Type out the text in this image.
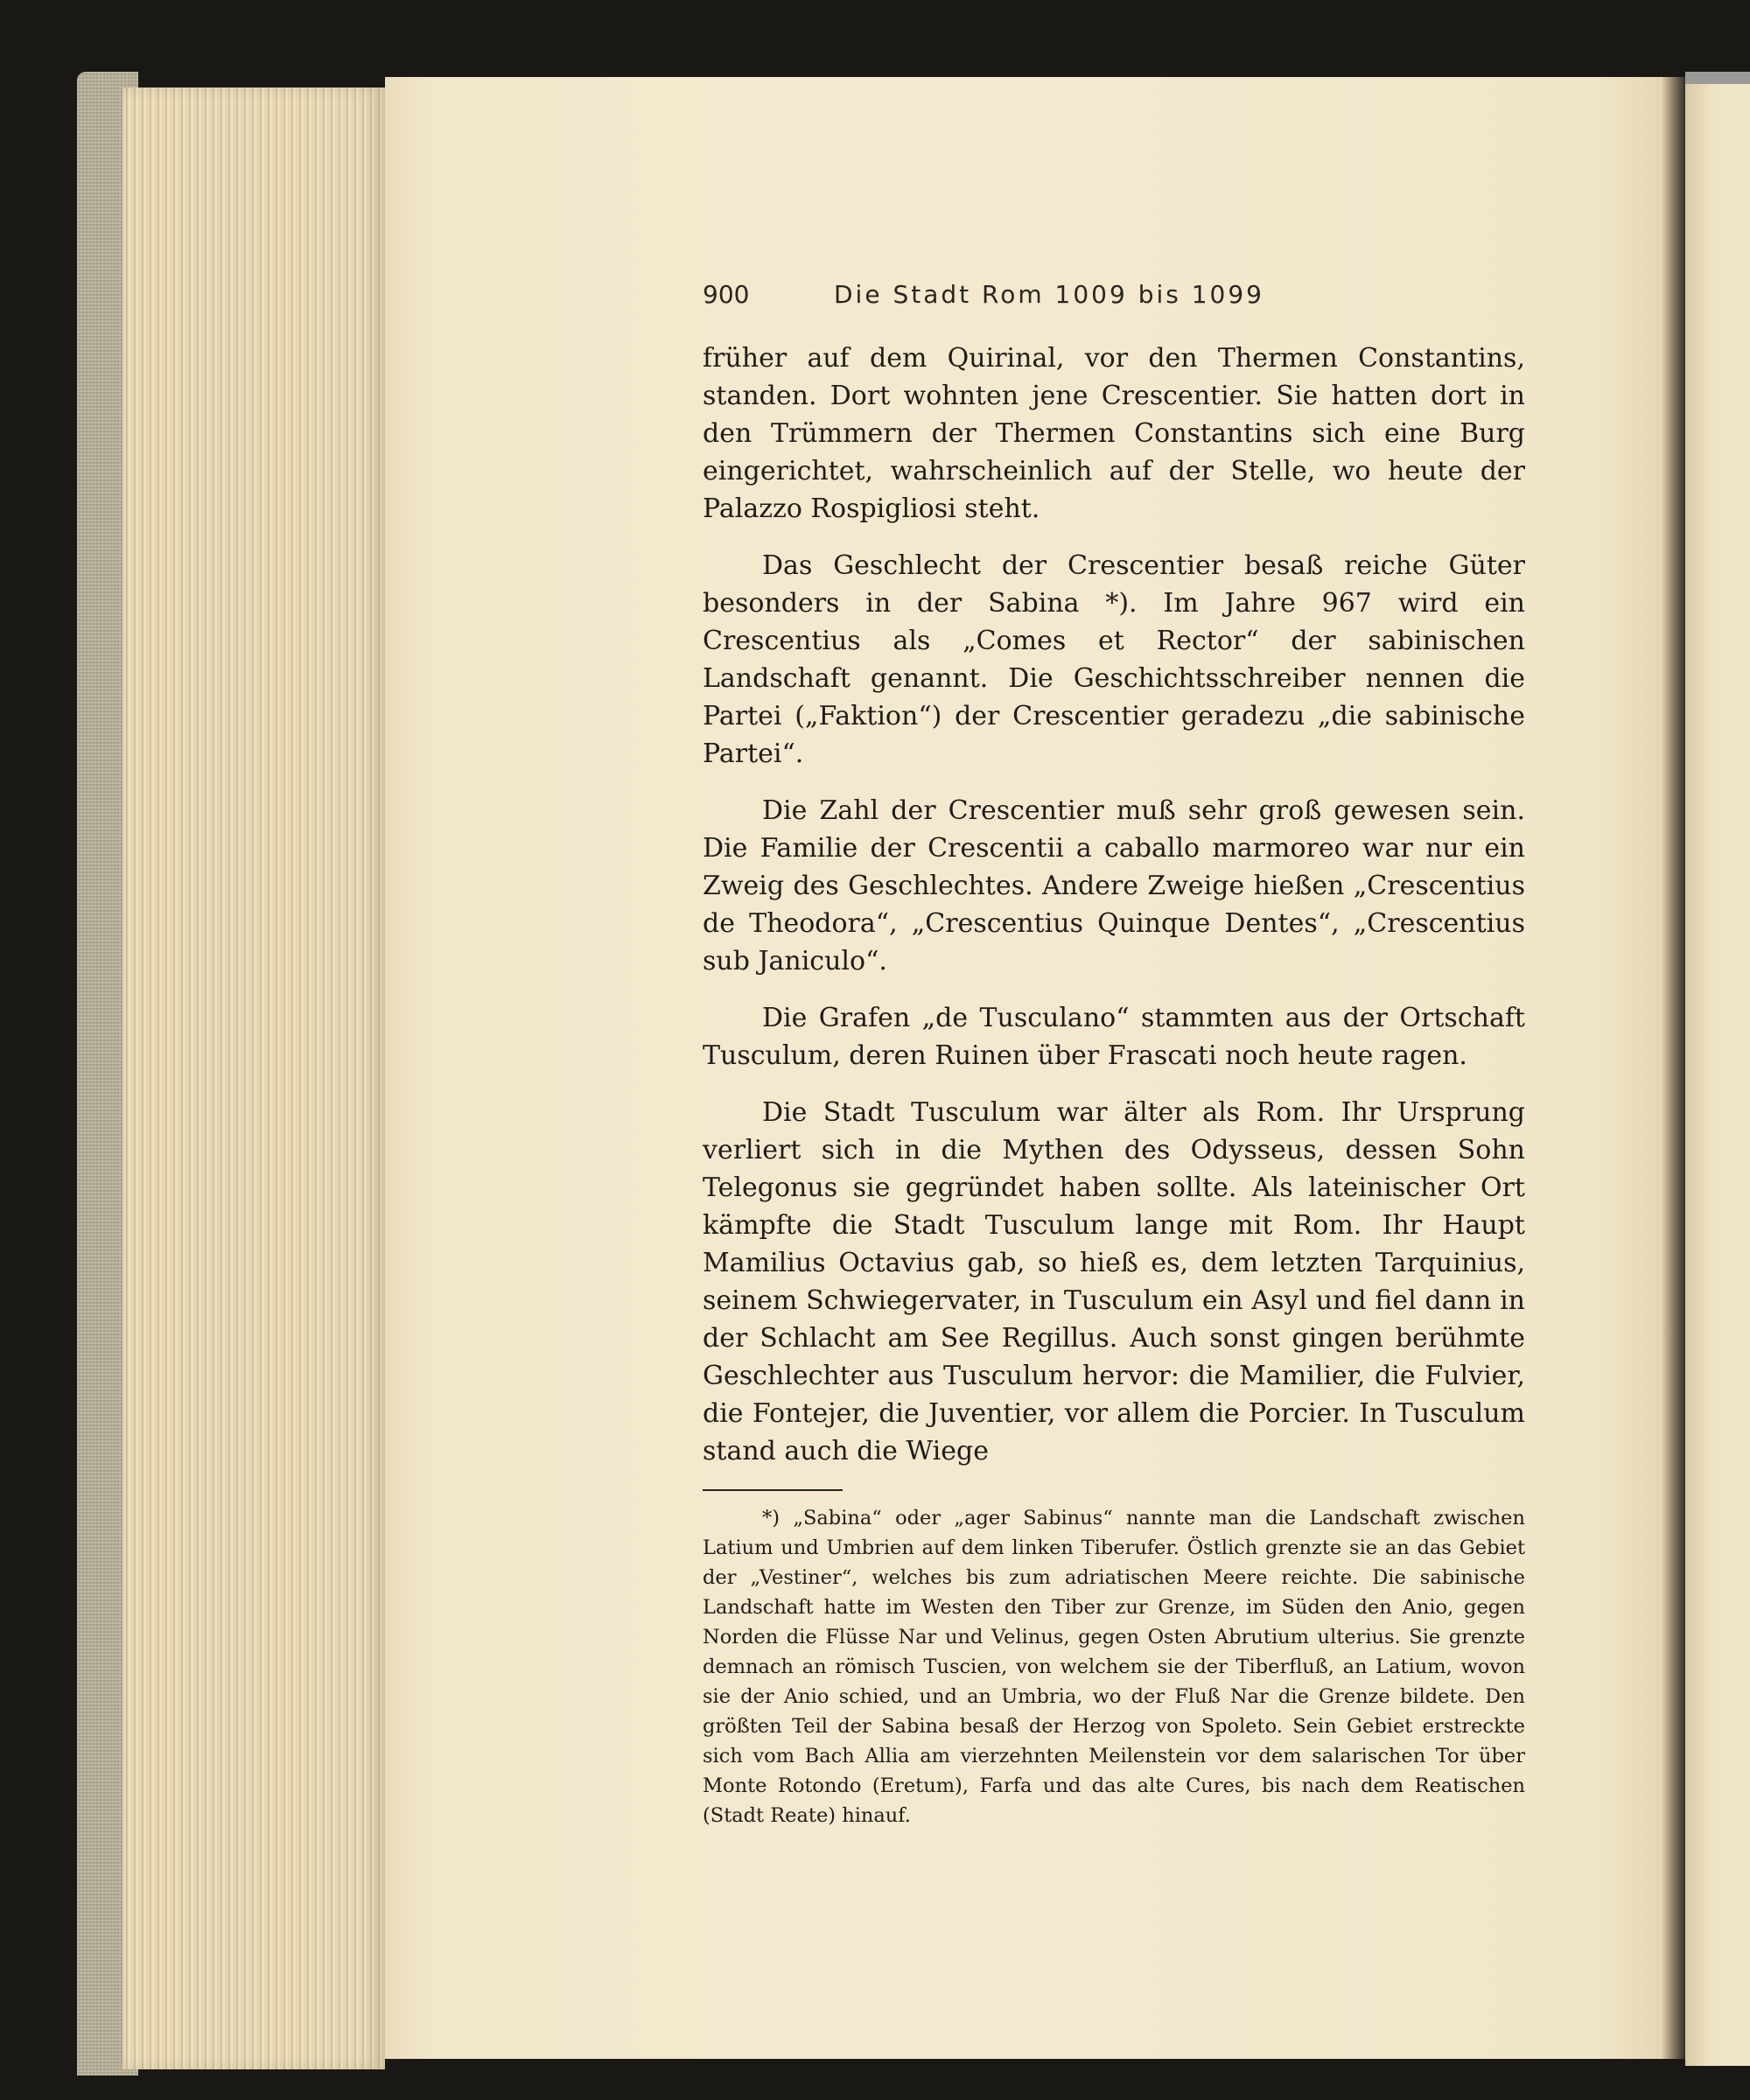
900	Die Stadt Rom 1009 bis 1099

früher auf dem Quirinal, vor den Thermen Constantins, standen. Dort wohnten jene Crescentier. Sie hatten dort in den Trümmern der Thermen Constantins sich eine Burg eingerichtet, wahrscheinlich auf der Stelle, wo heute der Palazzo Rospigliosi steht.

Das Geschlecht der Crescentier besaß reiche Güter besonders in der Sabina *). Im Jahre 967 wird ein Crescentius als „Comes et Rector“ der sabinischen Landschaft genannt. Die Geschichtsschreiber nennen die Partei („Faktion“) der Crescentier geradezu „die sabinische Partei“.

Die Zahl der Crescentier muß sehr groß gewesen sein. Die Familie der Crescentii a caballo marmoreo war nur ein Zweig des Geschlechtes. Andere Zweige hießen „Crescentius de Theodora“, „Crescentius Quinque Dentes“, „Crescentius sub Janiculo“.

Die Grafen „de Tusculano“ stammten aus der Ortschaft Tusculum, deren Ruinen über Frascati noch heute ragen.

Die Stadt Tusculum war älter als Rom. Ihr Ursprung verliert sich in die Mythen des Odysseus, dessen Sohn Telegonus sie gegründet haben sollte. Als lateinischer Ort kämpfte die Stadt Tusculum lange mit Rom. Ihr Haupt Mamilius Octavius gab, so hieß es, dem letzten Tarquinius, seinem Schwiegervater, in Tusculum ein Asyl und fiel dann in der Schlacht am See Regillus. Auch sonst gingen berühmte Geschlechter aus Tusculum hervor: die Mamilier, die Fulvier, die Fontejer, die Juventier, vor allem die Porcier. In Tusculum stand auch die Wiege

*) „Sabina“ oder „ager Sabinus“ nannte man die Landschaft zwischen Latium und Umbrien auf dem linken Tiberufer. Östlich grenzte sie an das Gebiet der „Vestiner“, welches bis zum adriatischen Meere reichte. Die sabinische Landschaft hatte im Westen den Tiber zur Grenze, im Süden den Anio, gegen Norden die Flüsse Nar und Velinus, gegen Osten Abrutium ulterius. Sie grenzte demnach an römisch Tuscien, von welchem sie der Tiberfluß, an Latium, wovon sie der Anio schied, und an Umbria, wo der Fluß Nar die Grenze bildete. Den größten Teil der Sabina besaß der Herzog von Spoleto. Sein Gebiet erstreckte sich vom Bach Allia am vierzehnten Meilenstein vor dem salarischen Tor über Monte Rotondo (Eretum), Farfa und das alte Cures, bis nach dem Reatischen (Stadt Reate) hinauf.
